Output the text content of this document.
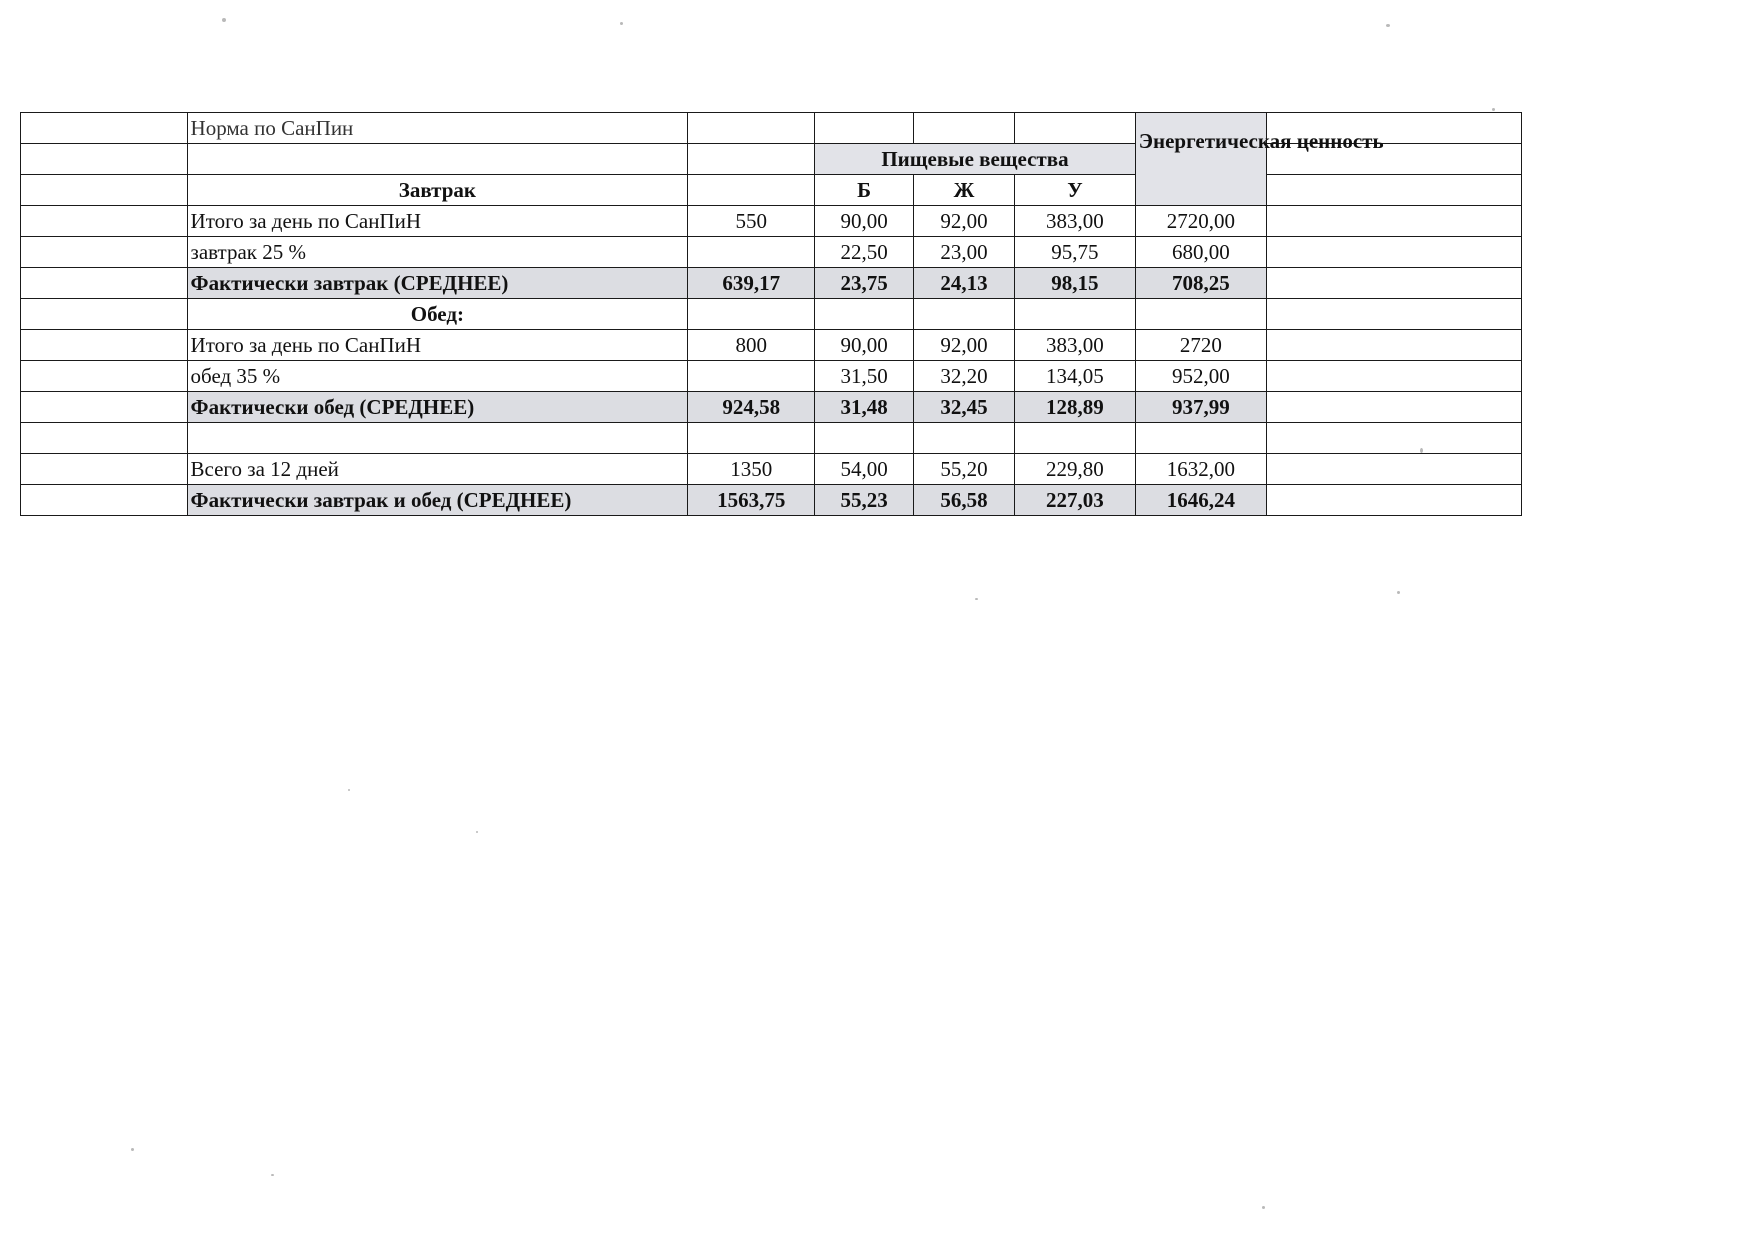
	Норма по СанПин					Энергетическая ценность	

			Пищевые вещества				
	Завтрак		Б	Ж	У		
	Итого за день по СанПиН	550	90,00	92,00	383,00	2720,00	
	завтрак 25 %		22,50	23,00	95,75	680,00	
	Фактически завтрак (СРЕДНЕЕ)	639,17	23,75	24,13	98,15	708,25	
	Обед:						
	Итого за день по СанПиН	800	90,00	92,00	383,00	2720	
	обед 35 %		31,50	32,20	134,05	952,00	
	Фактически обед (СРЕДНЕЕ)	924,58	31,48	32,45	128,89	937,99	

	Всего за 12 дней	1350	54,00	55,20	229,80	1632,00	
	Фактически завтрак и обед (СРЕДНЕЕ)	1563,75	55,23	56,58	227,03	1646,24	
